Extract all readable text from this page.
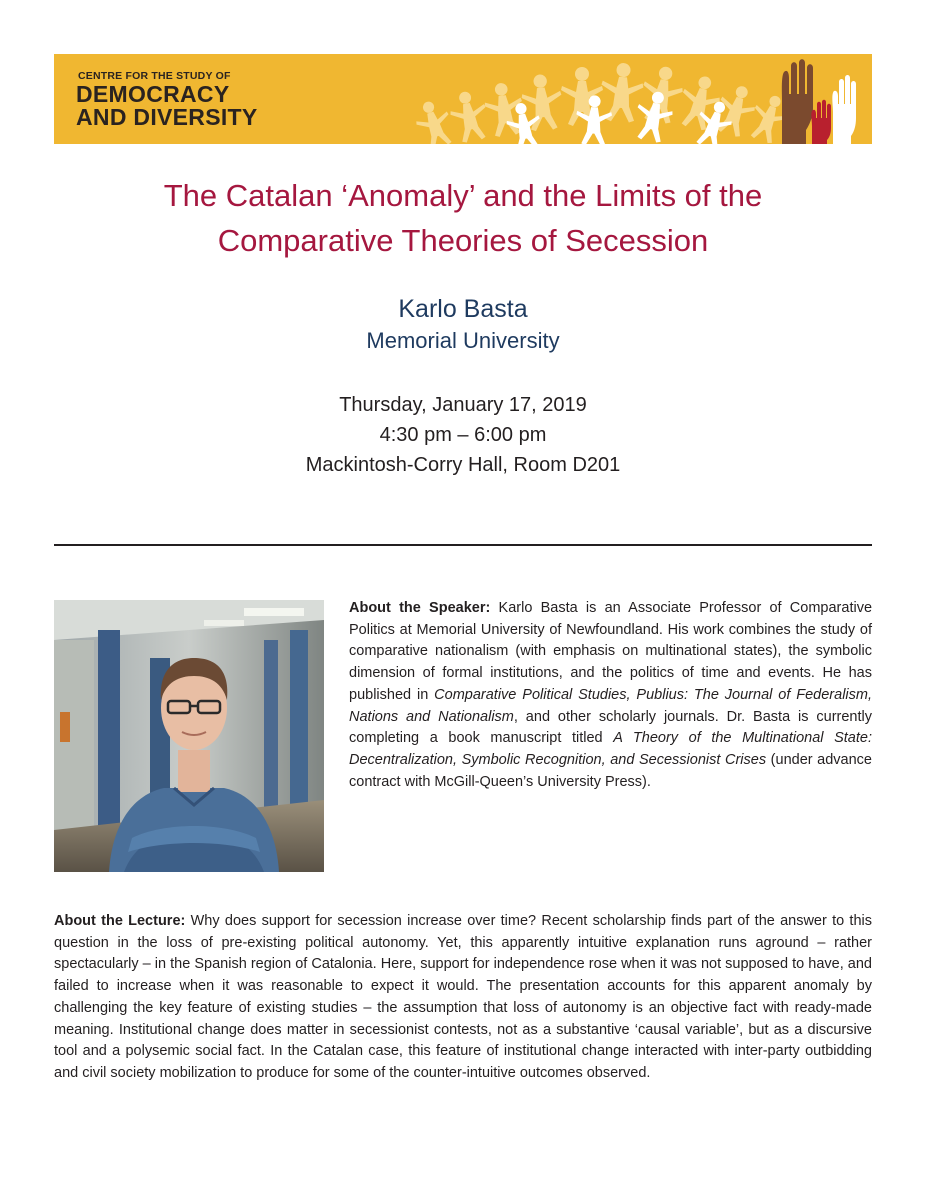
CENTRE FOR THE STUDY OF
DEMOCRACY
AND DIVERSITY
The Catalan ‘Anomaly’ and the Limits of the
Comparative Theories of Secession
Karlo Basta
Memorial University
Thursday, January 17, 2019
4:30 pm – 6:00 pm
Mackintosh-Corry Hall, Room D201
About the Speaker: Karlo Basta is an Associate Professor of Comparative Politics at Memorial University of Newfoundland. His work combines the study of comparative nationalism (with emphasis on multinational states), the symbolic dimension of formal institutions, and the politics of time and events. He has published in Comparative Political Studies, Publius: The Journal of Federalism, Nations and Nationalism, and other scholarly journals. Dr. Basta is currently completing a book manuscript titled A Theory of the Multinational State: Decentralization, Symbolic Recognition, and Secessionist Crises (under advance contract with McGill-Queen’s University Press).
About the Lecture: Why does support for secession increase over time? Recent scholarship finds part of the answer to this question in the loss of pre-existing political autonomy. Yet, this apparently intuitive explanation runs aground – rather spectacularly – in the Spanish region of Catalonia. Here, support for independence rose when it was not supposed to have, and failed to increase when it was reasonable to expect it would. The presentation accounts for this apparent anomaly by challenging the key feature of existing studies – the assumption that loss of autonomy is an objective fact with ready-made meaning. Institutional change does matter in secessionist contests, not as a substantive ‘causal variable’, but as a discursive tool and a polysemic social fact. In the Catalan case, this feature of institutional change interacted with inter-party outbidding and civil society mobilization to produce for some of the counter-intuitive outcomes observed.
